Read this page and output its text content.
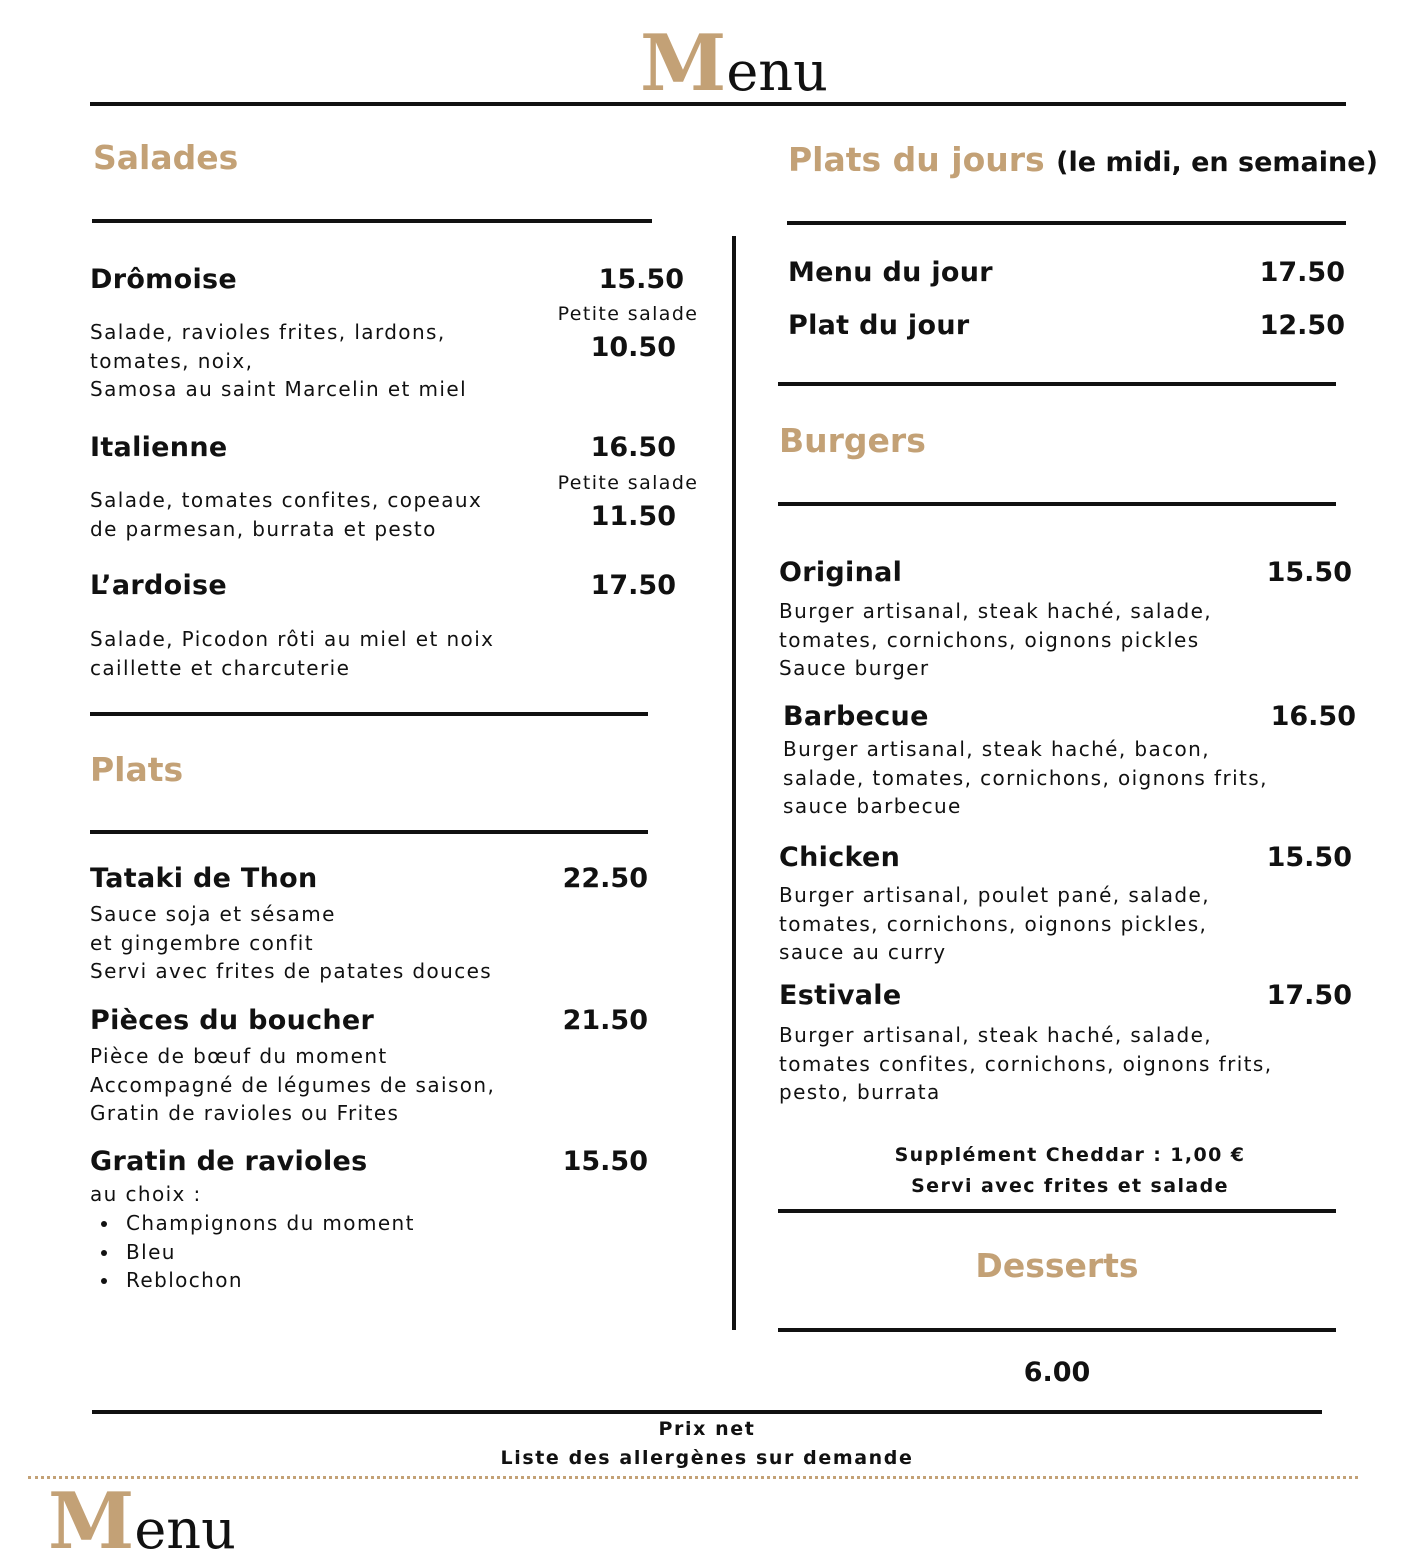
Menu
Salades
Drômoise	15.50
Petite salade
10.50
Salade, ravioles frites, lardons,
tomates, noix,
Samosa au saint Marcelin et miel
Italienne	16.50
Petite salade
11.50
Salade, tomates confites, copeaux
de parmesan, burrata et pesto
L’ardoise	17.50
Salade, Picodon rôti au miel et noix
caillette et charcuterie
Plats
Tataki de Thon	22.50
Sauce soja et sésame
et gingembre confit
Servi avec frites de patates douces
Pièces du boucher	21.50
Pièce de bœuf du moment
Accompagné de légumes de saison,
Gratin de ravioles ou Frites
Gratin de ravioles	15.50
au choix :
Champignons du moment
Bleu
Reblochon
Plats du jours (le midi, en semaine)
Menu du jour	17.50
Plat du jour	12.50
Burgers
Original	15.50
Burger artisanal, steak haché, salade,
tomates, cornichons, oignons pickles
Sauce burger
Barbecue	16.50
Burger artisanal, steak haché, bacon,
salade, tomates, cornichons, oignons frits,
sauce barbecue
Chicken	15.50
Burger artisanal, poulet pané, salade,
tomates, cornichons, oignons pickles,
sauce au curry
Estivale	17.50
Burger artisanal, steak haché, salade,
tomates confites, cornichons, oignons frits,
pesto, burrata
Supplément Cheddar : 1,00 €
Servi avec frites et salade
Desserts
6.00
Prix net
Liste des allergènes sur demande
Menu
